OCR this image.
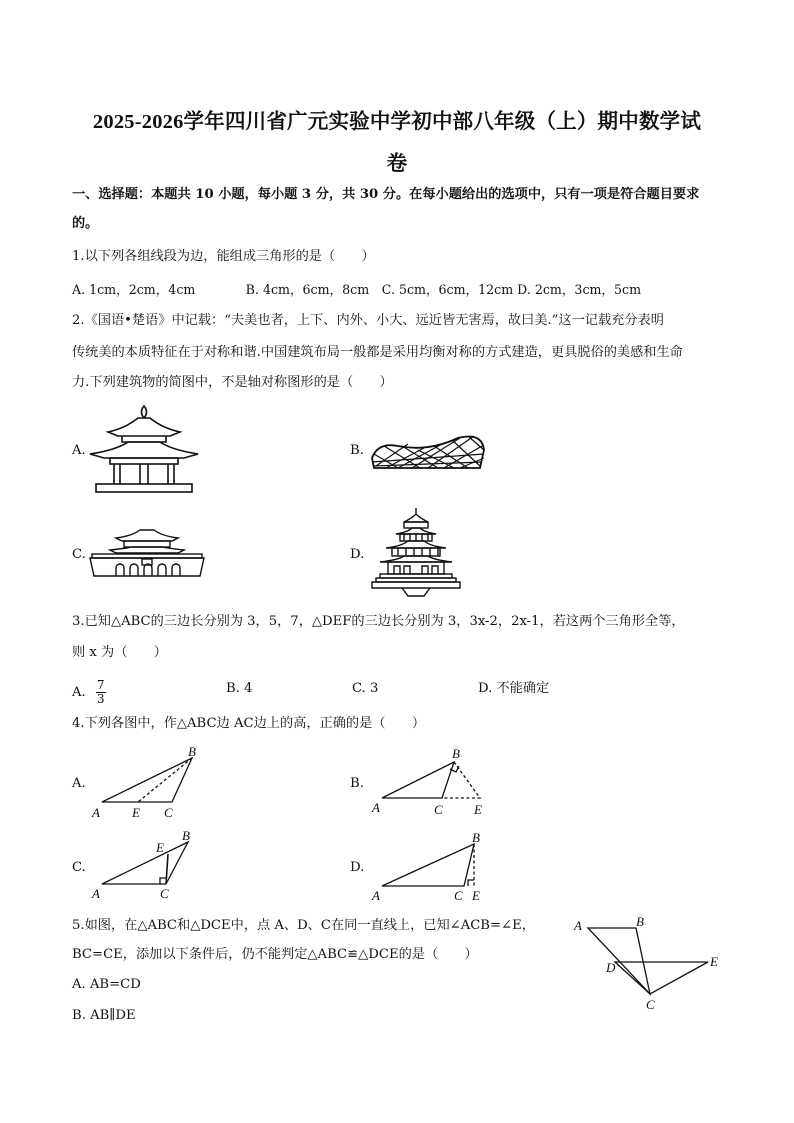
2025-2026学年四川省广元实验中学初中部八年级（上）期中数学试
卷
一、选择题：本题共 10 小题，每小题 3 分，共 30 分。在每小题给出的选项中，只有一项是符合题目要求
的。
1.以下列各组线段为边，能组成三角形的是（　　）
A. 1cm，2cm，4cm　　　　B. 4cm，6cm，8cm　C. 5cm，6cm，12cm D. 2cm，3cm，5cm
2.《国语•楚语》中记载：“夫美也者，上下、内外、小大、远近皆无害焉，故曰美.”这一记载充分表明
传统美的本质特征在于对称和谐.中国建筑布局一般都是采用均衡对称的方式建造，更具脱俗的美感和生命
力.下列建筑物的简图中，不是轴对称图形的是（　　）
A.	B.
C.	D.
3.已知△ABC的三边长分别为 3，5，7，△DEF的三边长分别为 3，3x-2，2x-1，若这两个三角形全等，
则 x 为（　　）
A. $\frac{7}{3}$	B. 4	C. 3	D. 不能确定
4.下列各图中，作△ABC边 AC边上的高，正确的是（　　）
A.	B.
C.	D.
B
A E C
B
A	C E
B
E
A	C
B
A	C E
5.如图，在△ABC和△DCE中，点 A、D、C在同一直线上，已知∠ACB=∠E，
BC=CE，添加以下条件后，仍不能判定△ABC≌△DCE的是（　　）
A. AB=CD
B. AB∥DE
A	B
D	E
C
